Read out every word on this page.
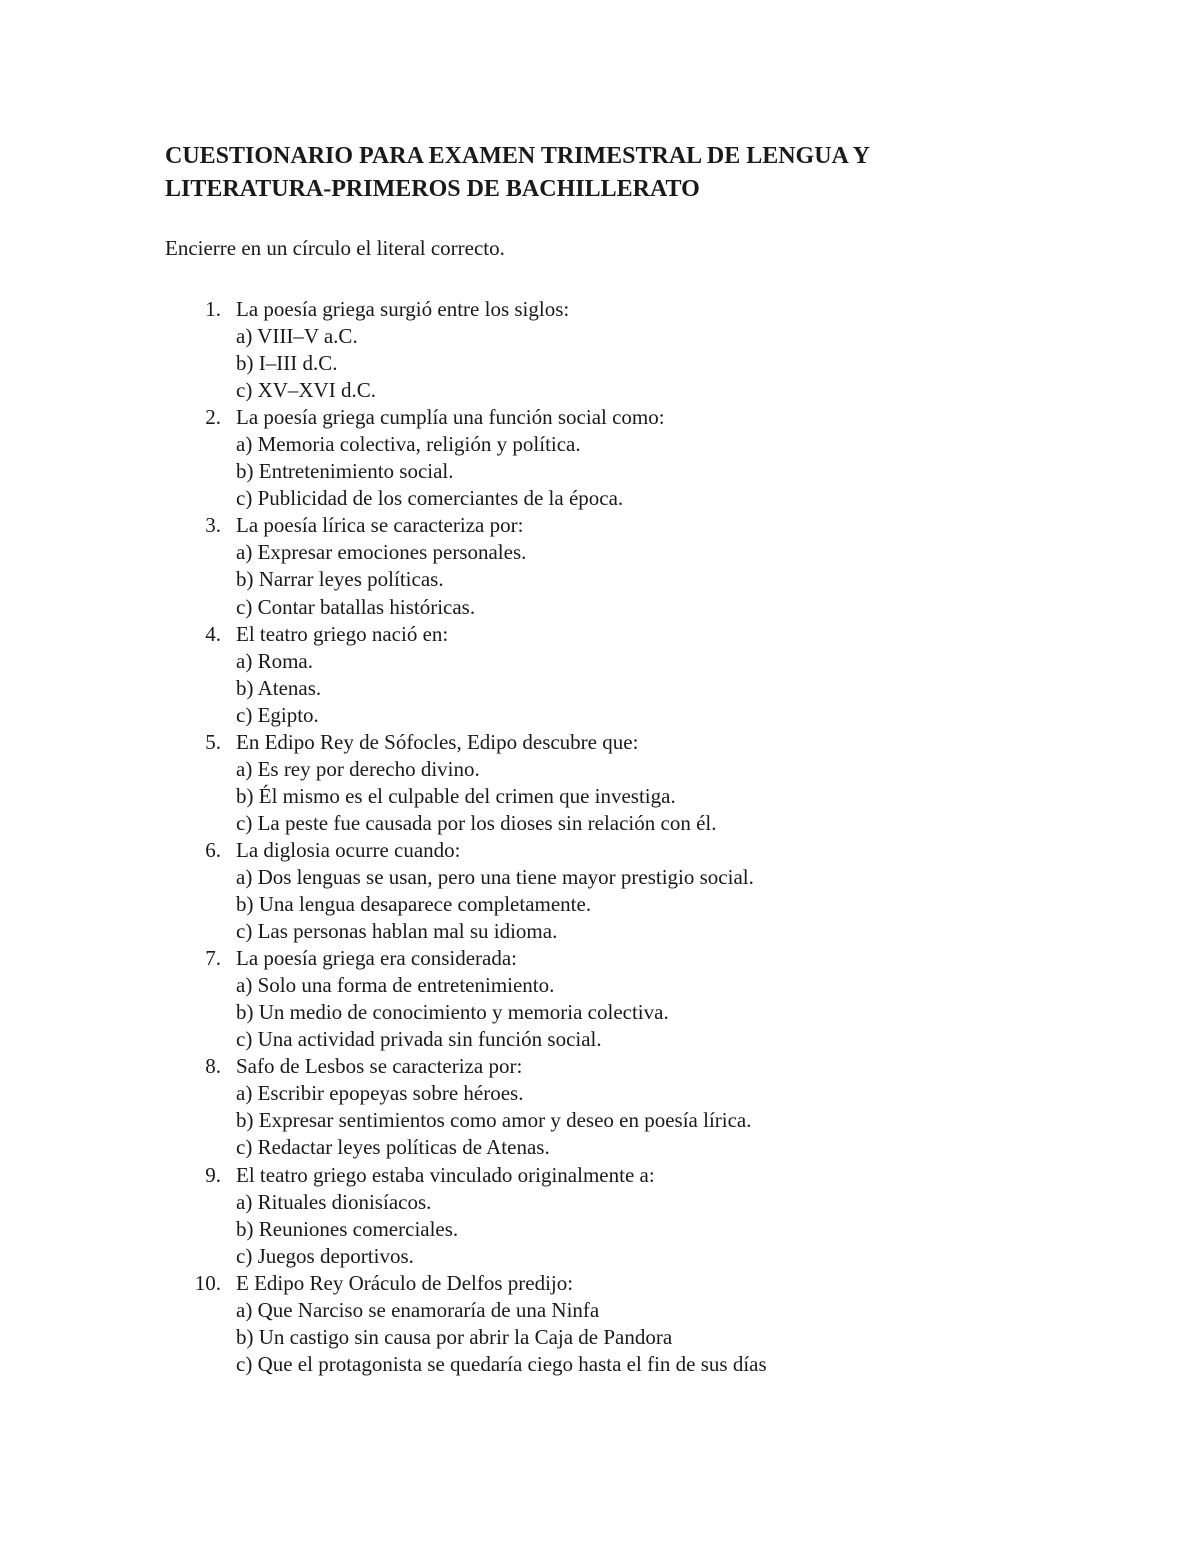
CUESTIONARIO PARA EXAMEN TRIMESTRAL DE LENGUA Y
LITERATURA-PRIMEROS DE BACHILLERATO

Encierre en un círculo el literal correcto.

1. La poesía griega surgió entre los siglos:
a) VIII–V a.C.
b) I–III d.C.
c) XV–XVI d.C.
2. La poesía griega cumplía una función social como:
a) Memoria colectiva, religión y política.
b) Entretenimiento social.
c) Publicidad de los comerciantes de la época.
3. La poesía lírica se caracteriza por:
a) Expresar emociones personales.
b) Narrar leyes políticas.
c) Contar batallas históricas.
4. El teatro griego nació en:
a) Roma.
b) Atenas.
c) Egipto.
5. En Edipo Rey de Sófocles, Edipo descubre que:
a) Es rey por derecho divino.
b) Él mismo es el culpable del crimen que investiga.
c) La peste fue causada por los dioses sin relación con él.
6. La diglosia ocurre cuando:
a) Dos lenguas se usan, pero una tiene mayor prestigio social.
b) Una lengua desaparece completamente.
c) Las personas hablan mal su idioma.
7. La poesía griega era considerada:
a) Solo una forma de entretenimiento.
b) Un medio de conocimiento y memoria colectiva.
c) Una actividad privada sin función social.
8. Safo de Lesbos se caracteriza por:
a) Escribir epopeyas sobre héroes.
b) Expresar sentimientos como amor y deseo en poesía lírica.
c) Redactar leyes políticas de Atenas.
9. El teatro griego estaba vinculado originalmente a:
a) Rituales dionisíacos.
b) Reuniones comerciales.
c) Juegos deportivos.
10. E Edipo Rey Oráculo de Delfos predijo:
a) Que Narciso se enamoraría de una Ninfa
b) Un castigo sin causa por abrir la Caja de Pandora
c) Que el protagonista se quedaría ciego hasta el fin de sus días
